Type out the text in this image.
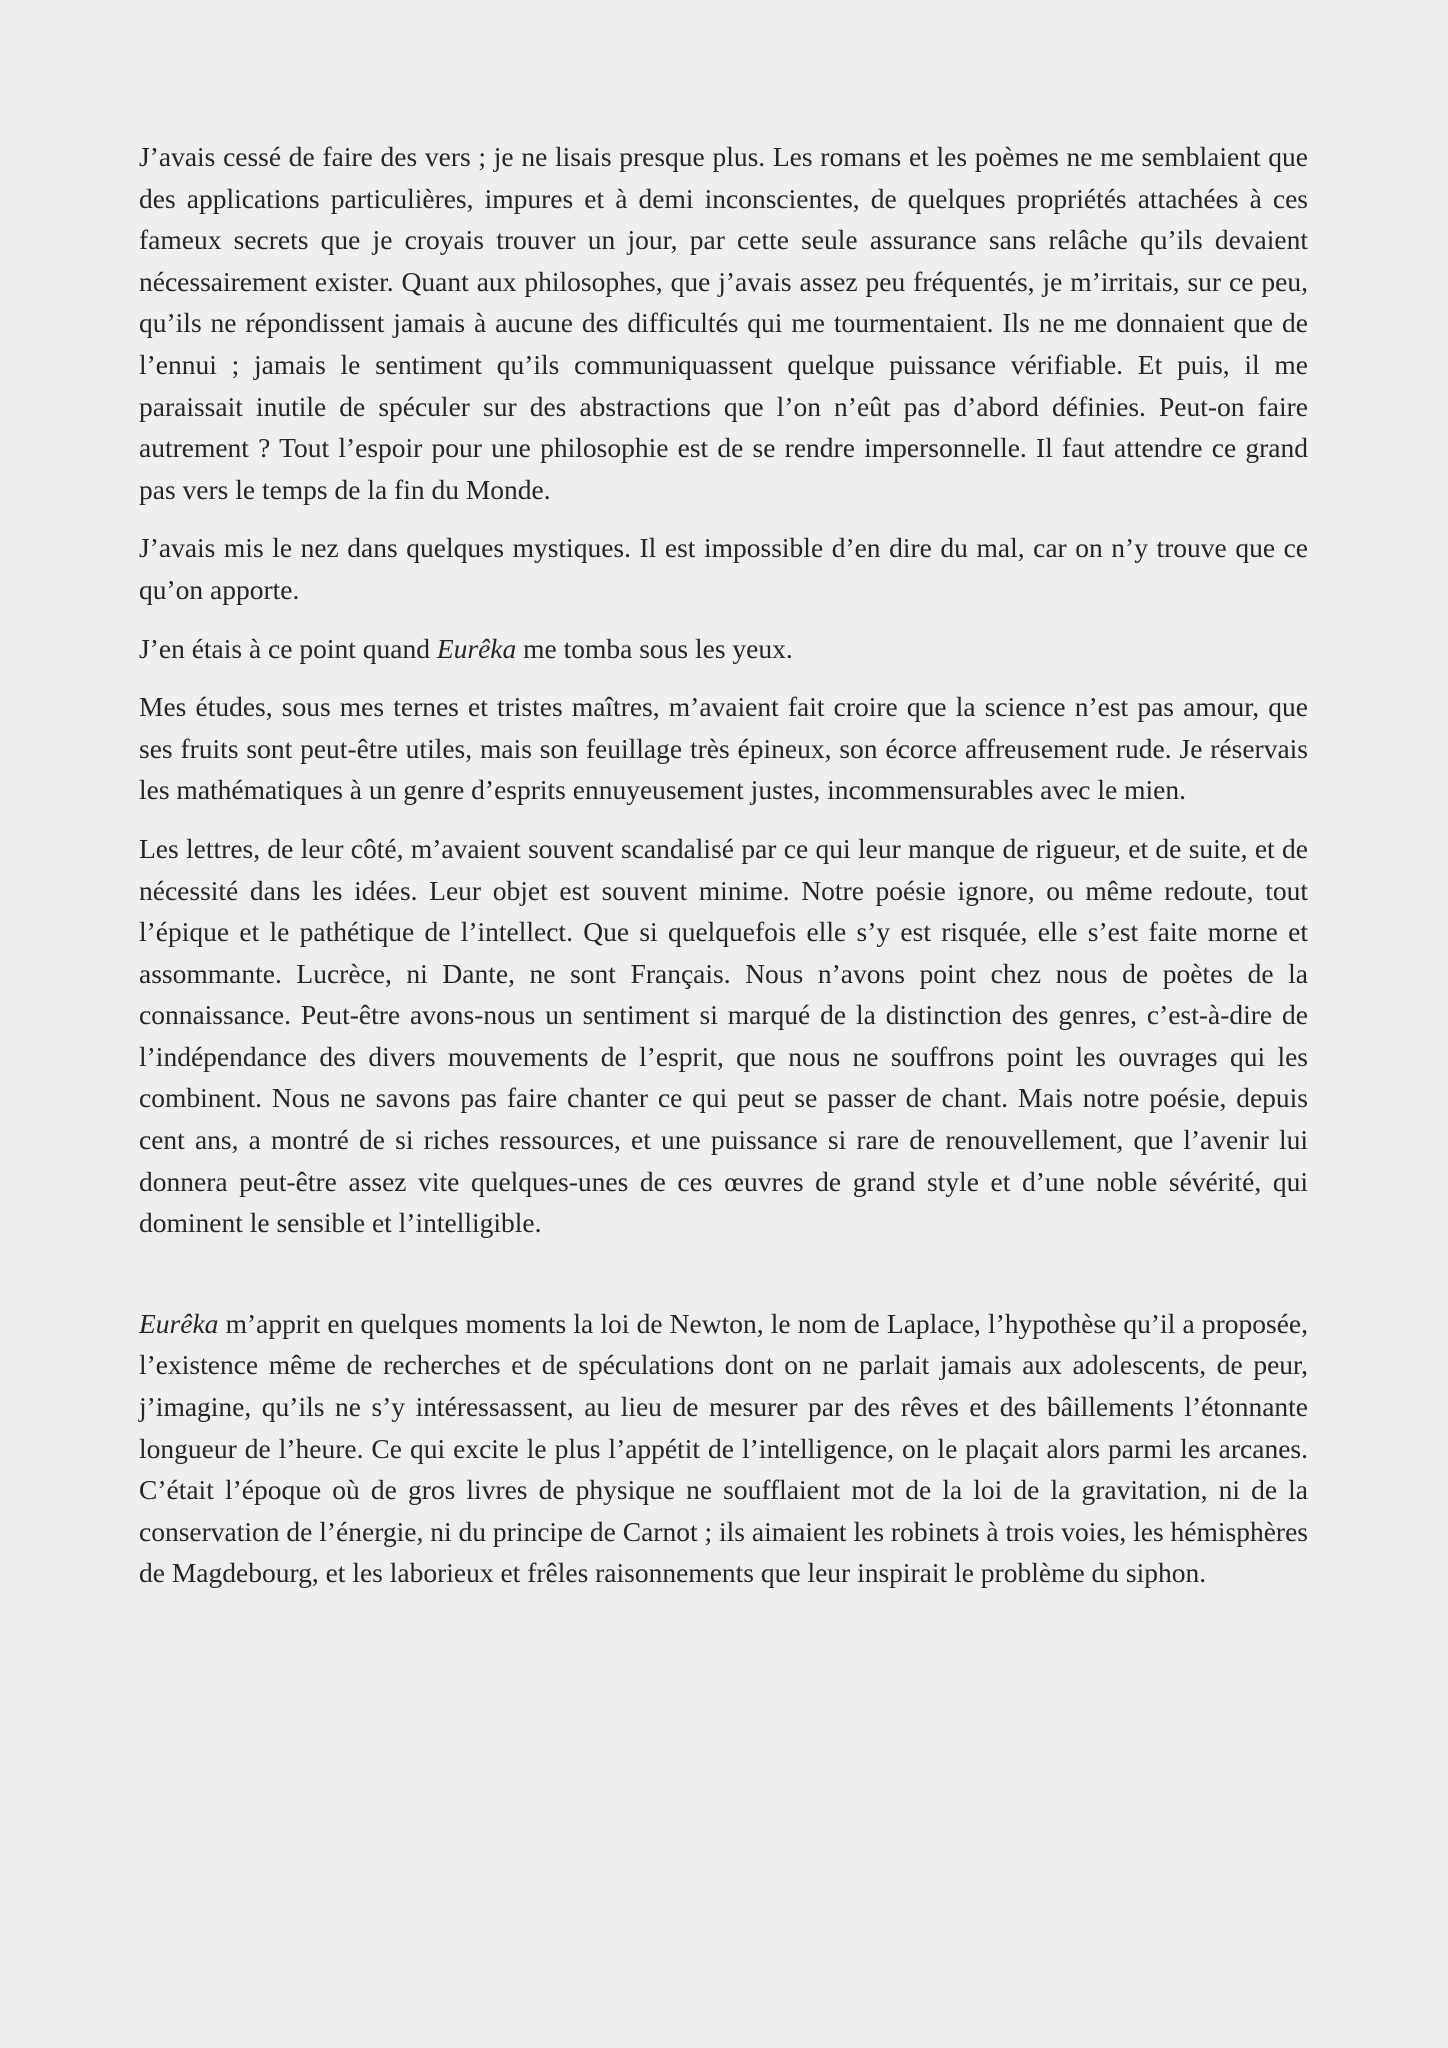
J’avais cessé de faire des vers ; je ne lisais presque plus. Les romans et les poèmes ne me semblaient que des applications particulières, impures et à demi inconscientes, de quelques propriétés attachées à ces fameux secrets que je croyais trouver un jour, par cette seule assurance sans relâche qu’ils devaient nécessairement exister. Quant aux philosophes, que j’avais assez peu fréquentés, je m’irritais, sur ce peu, qu’ils ne répondissent jamais à aucune des difficultés qui me tourmentaient. Ils ne me donnaient que de l’ennui ; jamais le sentiment qu’ils communiquassent quelque puissance vérifiable. Et puis, il me paraissait inutile de spéculer sur des abstractions que l’on n’eût pas d’abord définies. Peut-on faire autrement ? Tout l’espoir pour une philosophie est de se rendre impersonnelle. Il faut attendre ce grand pas vers le temps de la fin du Monde.

J’avais mis le nez dans quelques mystiques. Il est impossible d’en dire du mal, car on n’y trouve que ce qu’on apporte.

J’en étais à ce point quand Eurêka me tomba sous les yeux.

Mes études, sous mes ternes et tristes maîtres, m’avaient fait croire que la science n’est pas amour, que ses fruits sont peut-être utiles, mais son feuillage très épineux, son écorce affreusement rude. Je réservais les mathématiques à un genre d’esprits ennuyeusement justes, incommensurables avec le mien.

Les lettres, de leur côté, m’avaient souvent scandalisé par ce qui leur manque de rigueur, et de suite, et de nécessité dans les idées. Leur objet est souvent minime. Notre poésie ignore, ou même redoute, tout l’épique et le pathétique de l’intellect. Que si quelquefois elle s’y est risquée, elle s’est faite morne et assommante. Lucrèce, ni Dante, ne sont Français. Nous n’avons point chez nous de poètes de la connaissance. Peut-être avons-nous un sentiment si marqué de la distinction des genres, c’est-à-dire de l’indépendance des divers mouvements de l’esprit, que nous ne souffrons point les ouvrages qui les combinent. Nous ne savons pas faire chanter ce qui peut se passer de chant. Mais notre poésie, depuis cent ans, a montré de si riches ressources, et une puissance si rare de renouvellement, que l’avenir lui donnera peut-être assez vite quelques-unes de ces œuvres de grand style et d’une noble sévérité, qui dominent le sensible et l’intelligible.

Eurêka m’apprit en quelques moments la loi de Newton, le nom de Laplace, l’hypothèse qu’il a proposée, l’existence même de recherches et de spéculations dont on ne parlait jamais aux adolescents, de peur, j’imagine, qu’ils ne s’y intéressassent, au lieu de mesurer par des rêves et des bâillements l’étonnante longueur de l’heure. Ce qui excite le plus l’appétit de l’intelligence, on le plaçait alors parmi les arcanes. C’était l’époque où de gros livres de physique ne soufflaient mot de la loi de la gravitation, ni de la conservation de l’énergie, ni du principe de Carnot ; ils aimaient les robinets à trois voies, les hémisphères de Magdebourg, et les laborieux et frêles raisonnements que leur inspirait le problème du siphon.
